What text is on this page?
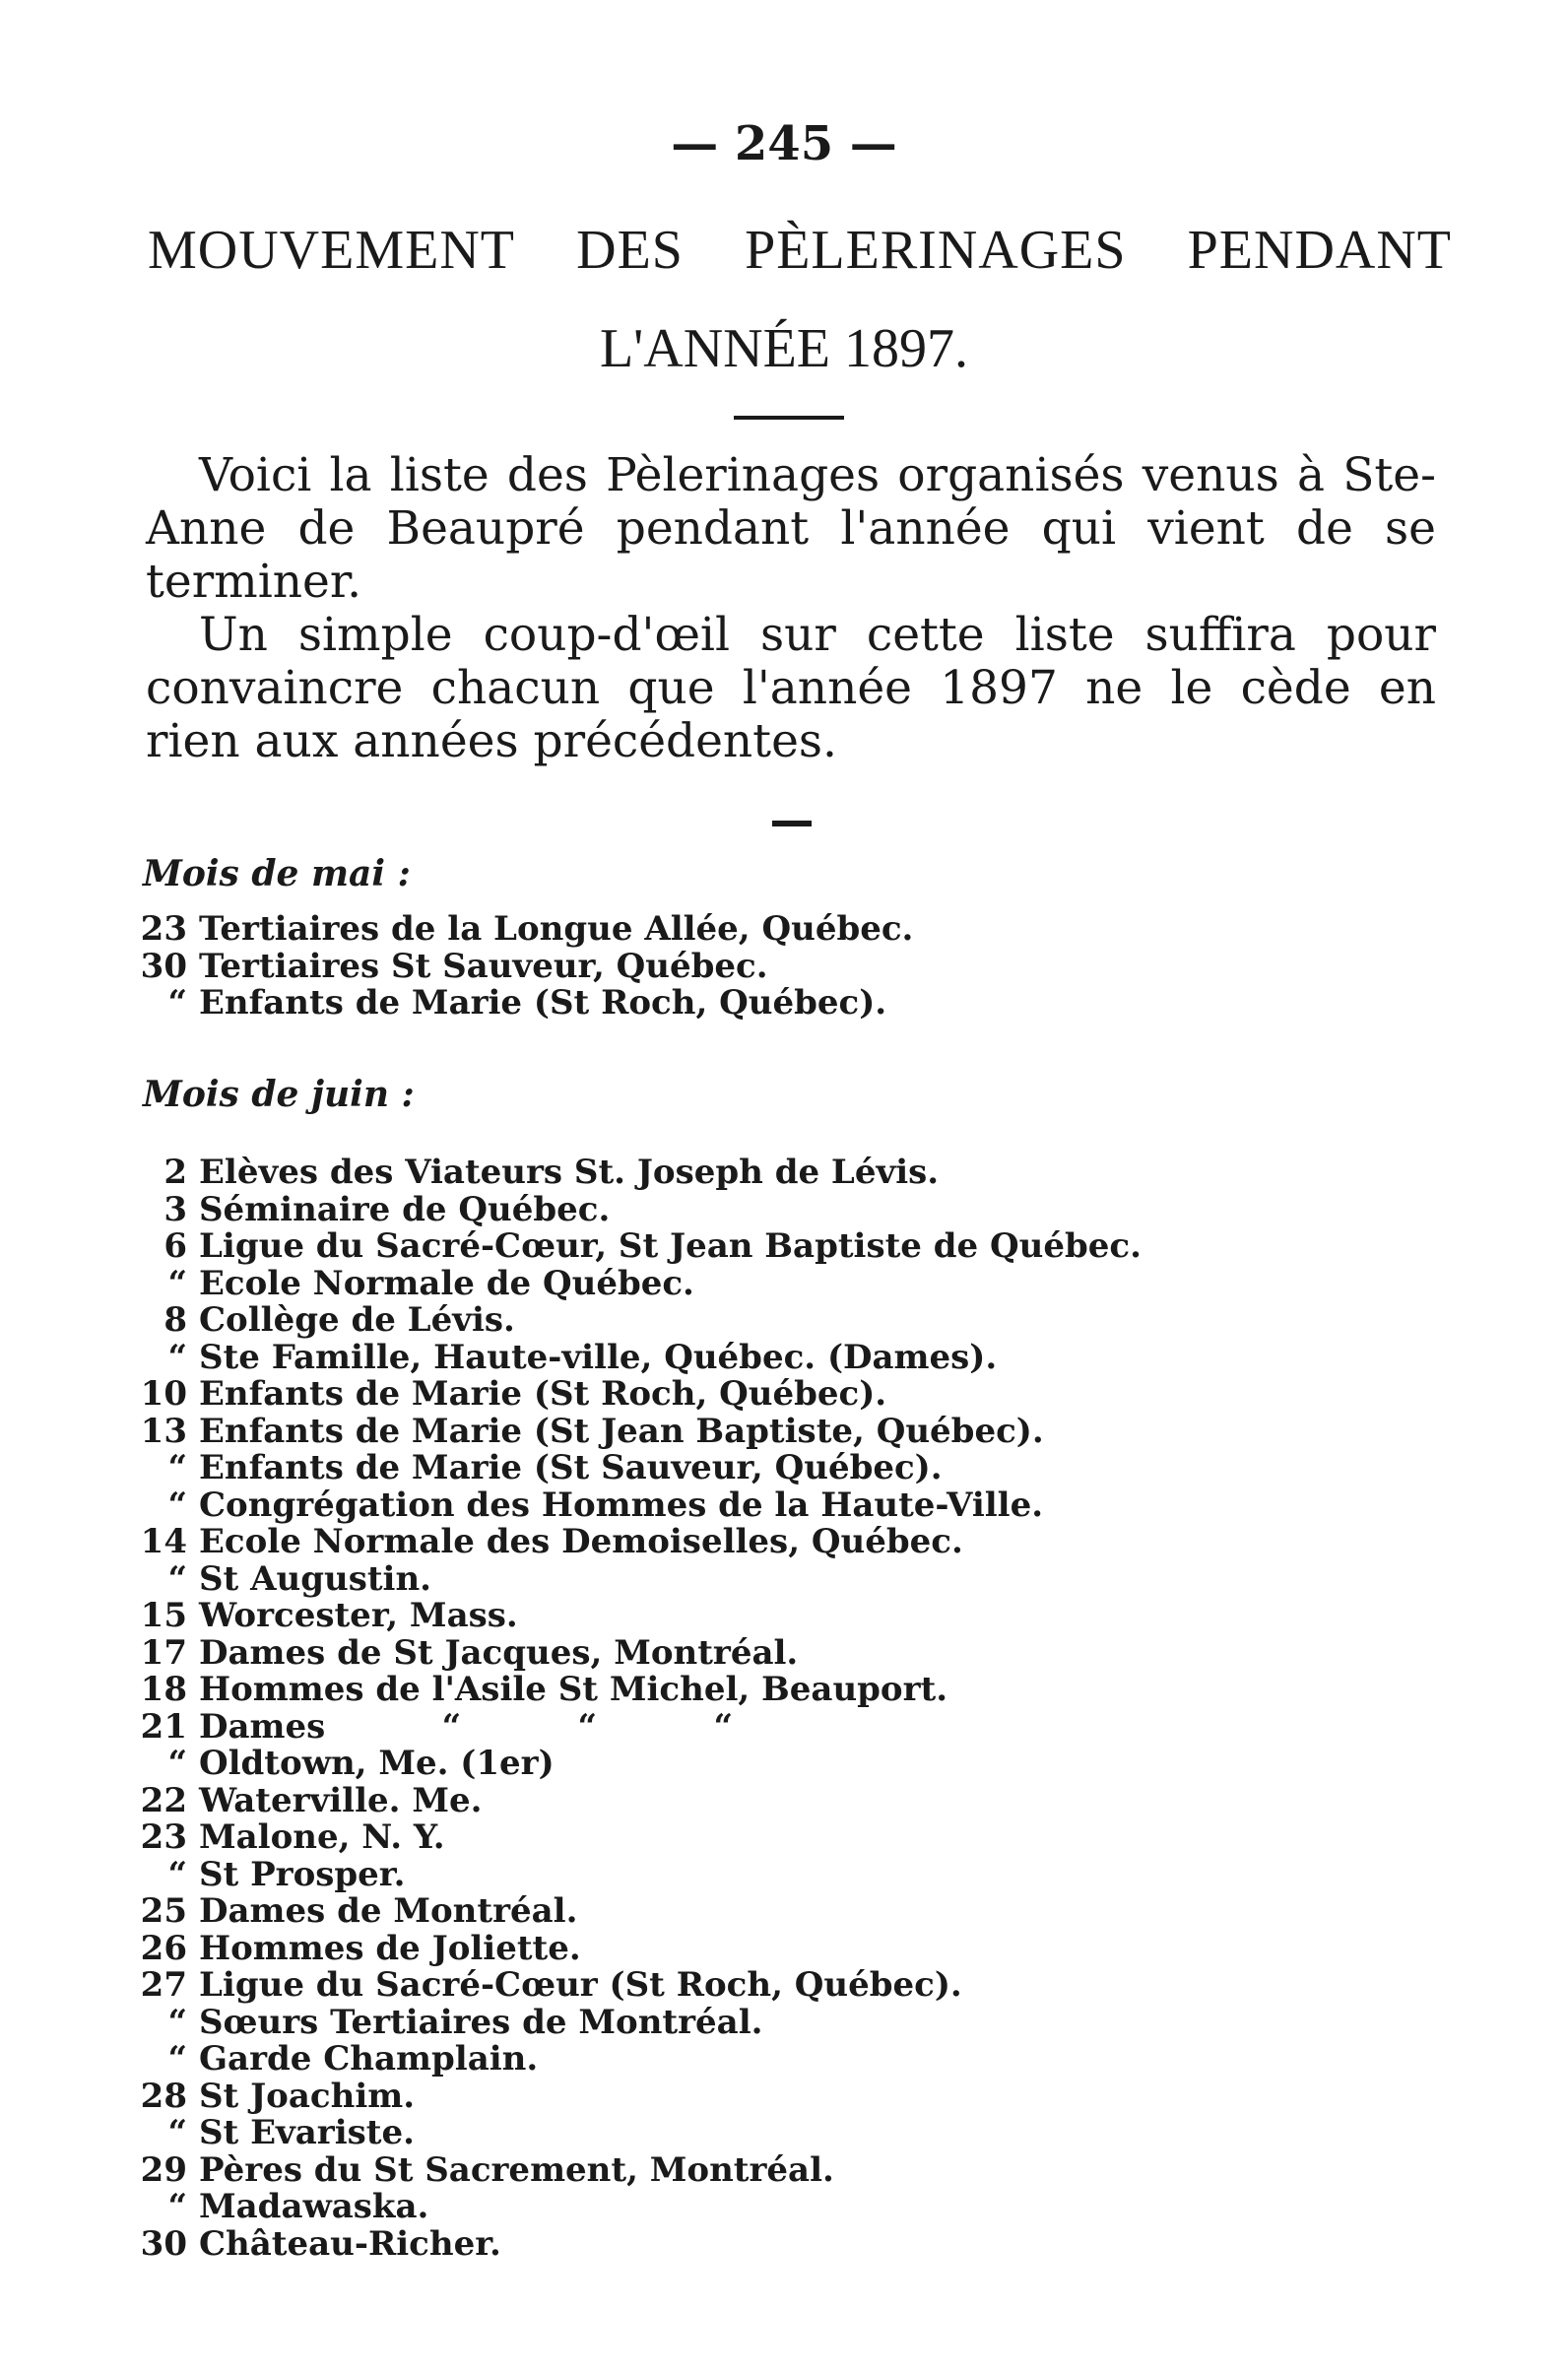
— 245 —
MOUVEMENT DES PÈLERINAGES PENDANT
L'ANNÉE 1897.

Voici la liste des Pèlerinages organisés venus à Ste-Anne de Beaupré pendant l'année qui vient de se terminer.

Un simple coup-d'œil sur cette liste suffira pour convaincre chacun que l'année 1897 ne le cède en rien aux années précédentes.

Mois de mai :
23 Tertiaires de la Longue Allée, Québec.
30 Tertiaires St Sauveur, Québec.
“ Enfants de Marie (St Roch, Québec).
Mois de juin :
2 Elèves des Viateurs St. Joseph de Lévis.
3 Séminaire de Québec.
6 Ligue du Sacré-Cœur, St Jean Baptiste de Québec.
“ Ecole Normale de Québec.
8 Collège de Lévis.
“ Ste Famille, Haute-ville, Québec. (Dames).
10 Enfants de Marie (St Roch, Québec).
13 Enfants de Marie (St Jean Baptiste, Québec).
“ Enfants de Marie (St Sauveur, Québec).
“ Congrégation des Hommes de la Haute-Ville.
14 Ecole Normale des Demoiselles, Québec.
“ St Augustin.
15 Worcester, Mass.
17 Dames de St Jacques, Montréal.
18 Hommes de l'Asile St Michel, Beauport.
21 Dames          “          “          “
“ Oldtown, Me. (1er)
22 Waterville. Me.
23 Malone, N. Y.
“ St Prosper.
25 Dames de Montréal.
26 Hommes de Joliette.
27 Ligue du Sacré-Cœur (St Roch, Québec).
“ Sœurs Tertiaires de Montréal.
“ Garde Champlain.
28 St Joachim.
“ St Evariste.
29 Pères du St Sacrement, Montréal.
“ Madawaska.
30 Château-Richer.
